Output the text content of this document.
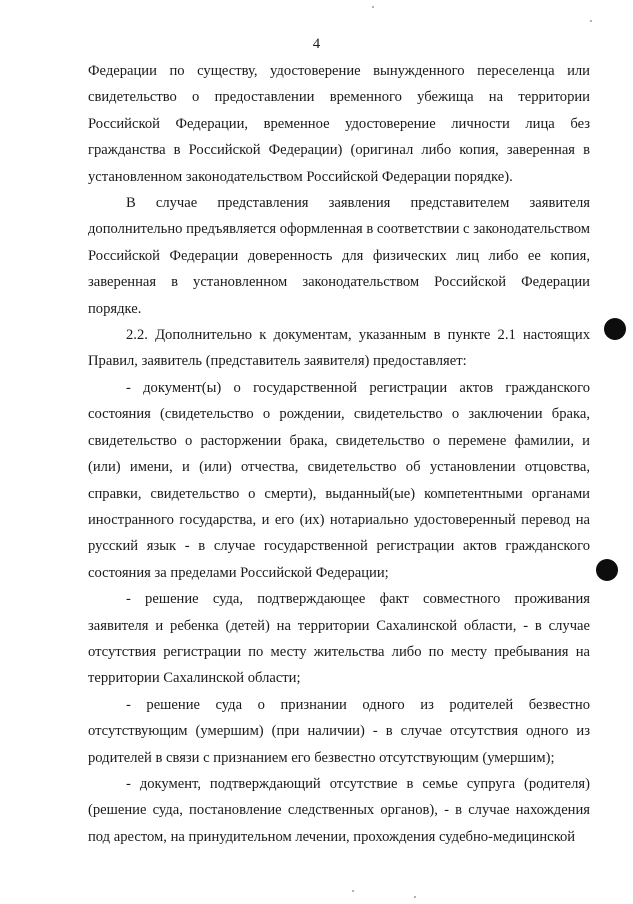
4

Федерации по существу, удостоверение вынужденного переселенца или свидетельство о предоставлении временного убежища на территории Российской Федерации, временное удостоверение личности лица без гражданства в Российской Федерации) (оригинал либо копия, заверенная в установленном законодательством Российской Федерации порядке).

В случае представления заявления представителем заявителя дополнительно предъявляется оформленная в соответствии с законодательством Российской Федерации доверенность для физических лиц либо ее копия, заверенная в установленном законодательством Российской Федерации порядке.

2.2. Дополнительно к документам, указанным в пункте 2.1 настоящих Правил, заявитель (представитель заявителя) предоставляет:

- документ(ы) о государственной регистрации актов гражданского состояния (свидетельство о рождении, свидетельство о заключении брака, свидетельство о расторжении брака, свидетельство о перемене фамилии, и (или) имени, и (или) отчества, свидетельство об установлении отцовства, справки, свидетельство о смерти), выданный(ые) компетентными органами иностранного государства, и его (их) нотариально удостоверенный перевод на русский язык - в случае государственной регистрации актов гражданского состояния за пределами Российской Федерации;

- решение суда, подтверждающее факт совместного проживания заявителя и ребенка (детей) на территории Сахалинской области, - в случае отсутствия регистрации по месту жительства либо по месту пребывания на территории Сахалинской области;

- решение суда о признании одного из родителей безвестно отсутствующим (умершим) (при наличии) - в случае отсутствия одного из родителей в связи с признанием его безвестно отсутствующим (умершим);

- документ, подтверждающий отсутствие в семье супруга (родителя) (решение суда, постановление следственных органов), - в случае нахождения под арестом, на принудительном лечении, прохождения судебно-медицинской
